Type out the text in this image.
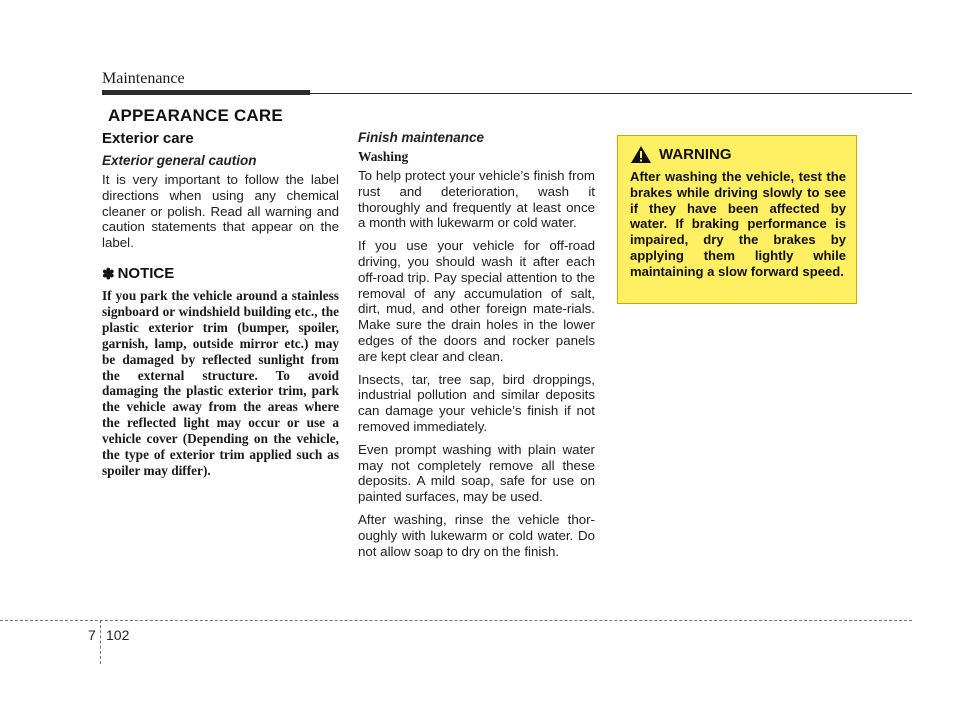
Maintenance
APPEARANCE CARE
Exterior care
Exterior general caution

It is very important to follow the label directions when using any chemical cleaner or polish. Read all warning and caution statements that appear on the label.

✽ NOTICE

If you park the vehicle around a stainless signboard or windshield building etc., the plastic exterior trim (bumper, spoiler, garnish, lamp, outside mirror etc.) may be damaged by reflected sunlight from the external structure. To avoid damaging the plastic exterior trim, park the vehicle away from the areas where the reflected light may occur or use a vehicle cover (Depending on the vehicle, the type of exterior trim applied such as spoiler may differ).

Finish maintenance
Washing

To help protect your vehicle’s finish from rust and deterioration, wash it thoroughly and frequently at least once a month with lukewarm or cold water.

If you use your vehicle for off-road driving, you should wash it after each off-road trip. Pay special attention to the removal of any accumulation of salt, dirt, mud, and other foreign mate-rials. Make sure the drain holes in the lower edges of the doors and rocker panels are kept clear and clean.

Insects, tar, tree sap, bird droppings, industrial pollution and similar deposits can damage your vehicle’s finish if not removed immediately.

Even prompt washing with plain water may not completely remove all these deposits. A mild soap, safe for use on painted surfaces, may be used.

After washing, rinse the vehicle thor-oughly with lukewarm or cold water. Do not allow soap to dry on the finish.

WARNING

After washing the vehicle, test the brakes while driving slowly to see if they have been affected by water. If braking performance is impaired, dry the brakes by applying them lightly while maintaining a slow forward speed.

7 102
